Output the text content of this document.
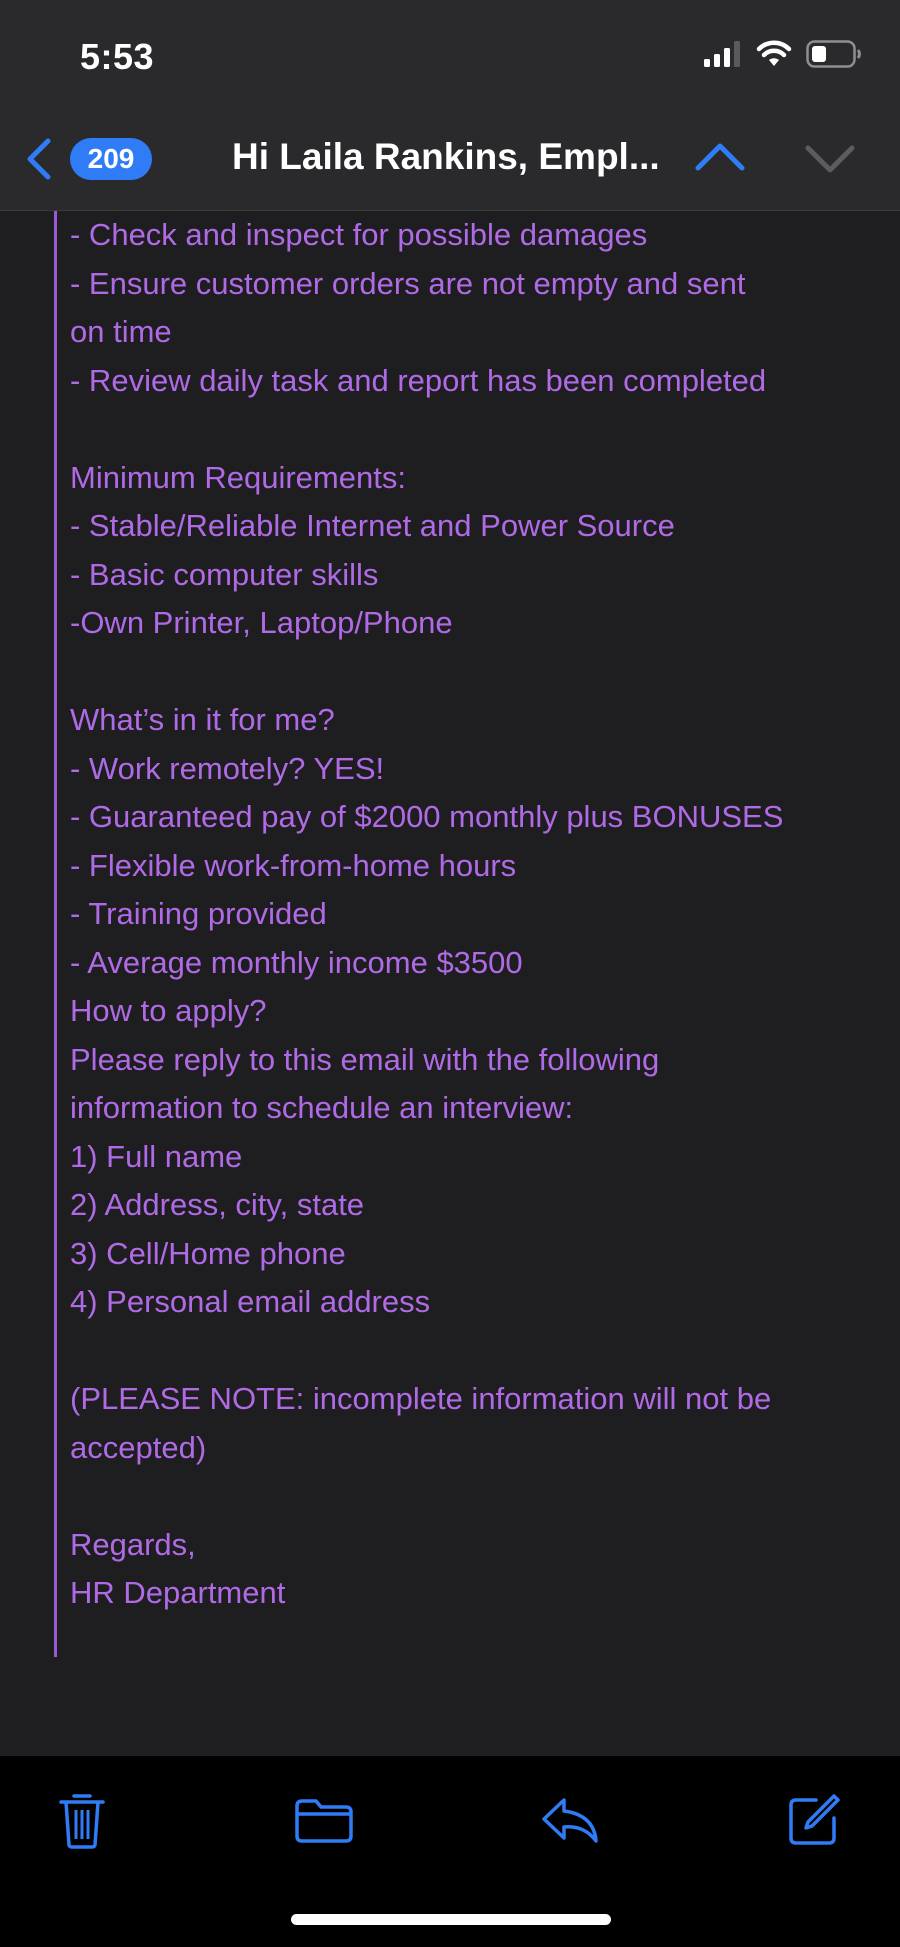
5:53
209	Hi Laila Rankins, Empl...
- Check and inspect for possible damages
- Ensure customer orders are not empty and sent
on time
- Review daily task and report has been completed
Minimum Requirements:
- Stable/Reliable Internet and Power Source
- Basic computer skills
-Own Printer, Laptop/Phone
What’s in it for me?
- Work remotely? YES!
- Guaranteed pay of $2000 monthly plus BONUSES
- Flexible work-from-home hours
- Training provided
- Average monthly income $3500
How to apply?
Please reply to this email with the following
information to schedule an interview:
1) Full name
2) Address, city, state
3) Cell/Home phone
4) Personal email address
(PLEASE NOTE: incomplete information will not be
accepted)
Regards,
HR Department
